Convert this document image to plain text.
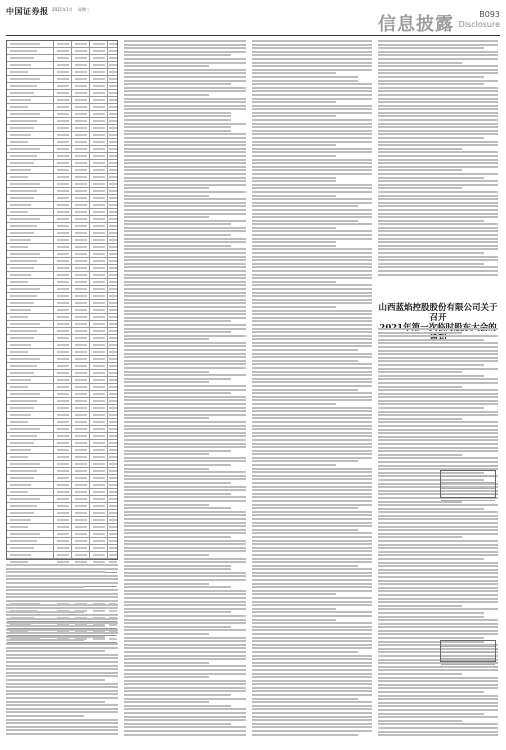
中国证券报 2021年1月 星期三
信息披露	B093
Disclosure
山西蓝焰控股股份有限公司关于召开
